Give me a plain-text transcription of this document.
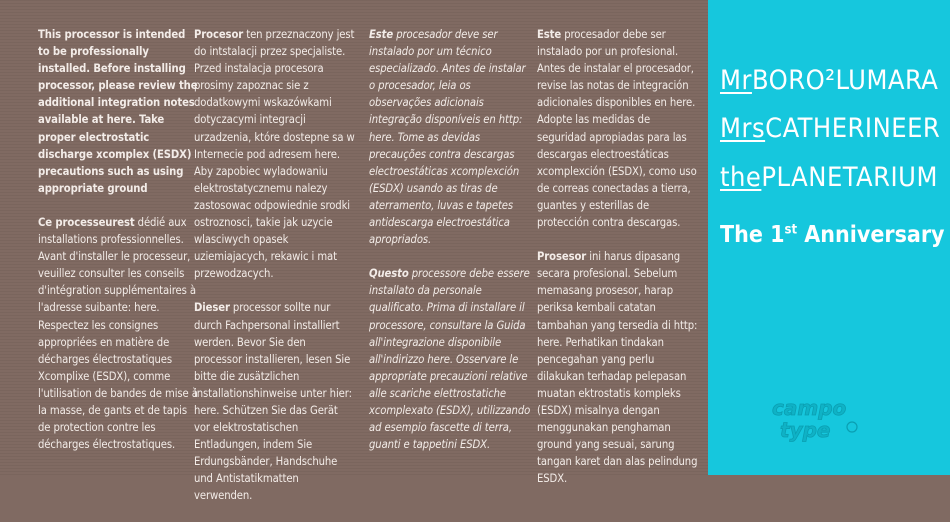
This processor is intended to be professionally installed. Before installing processor, please review the additional integration notes available at here. Take proper electrostatic discharge xcomplex (ESDX) precautions such as using appropriate ground

Ce processeurest dédié aux installations professionnelles. Avant d'installer le processeur, veuillez consulter les conseils d'intégration supplémentaires à l'adresse suibante: here. Respectez les consignes appropriées en matière de décharges électrostatiques Xcomplixe (ESDX), comme l'utilisation de bandes de mise à la masse, de gants et de tapis de protection contre les décharges électrostatiques.

Procesor ten przeznaczony jest do intstalacji przez specjaliste. Przed instalacja procesora prosimy zapoznac sie z dodatkowymi wskazówkami dotyczacymi integracji urzadzenia, które dostepne sa w Internecie pod adresem here. Aby zapobiec wyladowaniu elektrostatycznemu nalezy zastosowac odpowiednie srodki ostroznosci, takie jak uzycie wlasciwych opasek uziemiajacych, rekawic i mat przewodzacych.

Dieser processor sollte nur durch Fachpersonal installiert werden. Bevor Sie den processor installieren, lesen Sie bitte die zusätzlichen installationshinweise unter hier: here. Schützen Sie das Gerät vor elektrostatischen Entladungen, indem Sie Erdungsbänder, Handschuhe und Antistatikmatten verwenden.

Este procesador deve ser instalado por um técnico especializado. Antes de instalar o procesador, leia os observações adicionais integração disponíveis en http: here. Tome as devidas precauções contra descargas electroestáticas xcomplexción (ESDX) usando as tiras de aterramento, luvas e tapetes antidescarga electroestática apropriados.

Questo processore debe essere installato da personale qualificato. Prima di installare il processore, consultare la Guida all'integrazione disponibile all'indirizzo here. Osservare le appropriate precauzioni relative alle scariche elettrostatiche xcomplexato (ESDX), utilizzando ad esempio fascette di terra, guanti e tappetini ESDX.

Este procesador debe ser instalado por un profesional. Antes de instalar el procesador, revise las notas de integración adicionales disponibles en here. Adopte las medidas de seguridad apropiadas para las descargas electroestáticas xcomplexción (ESDX), como uso de correas conectadas a tierra, guantes y esterillas de protección contra descargas.

Prosesor ini harus dipasang secara profesional. Sebelum memasang prosesor, harap periksa kembali catatan tambahan yang tersedia di http: here. Perhatikan tindakan pencegahan yang perlu dilakukan terhadap pelepasan muatan ektrostatis kompleks (ESDX) misalnya dengan menggunakan penghaman ground yang sesuai, sarung tangan karet dan alas pelindung ESDX.

MrBORO²LUMARA
MrsCATHERINEER
thePLANETARIUM
The 1st Anniversary
campo
type
